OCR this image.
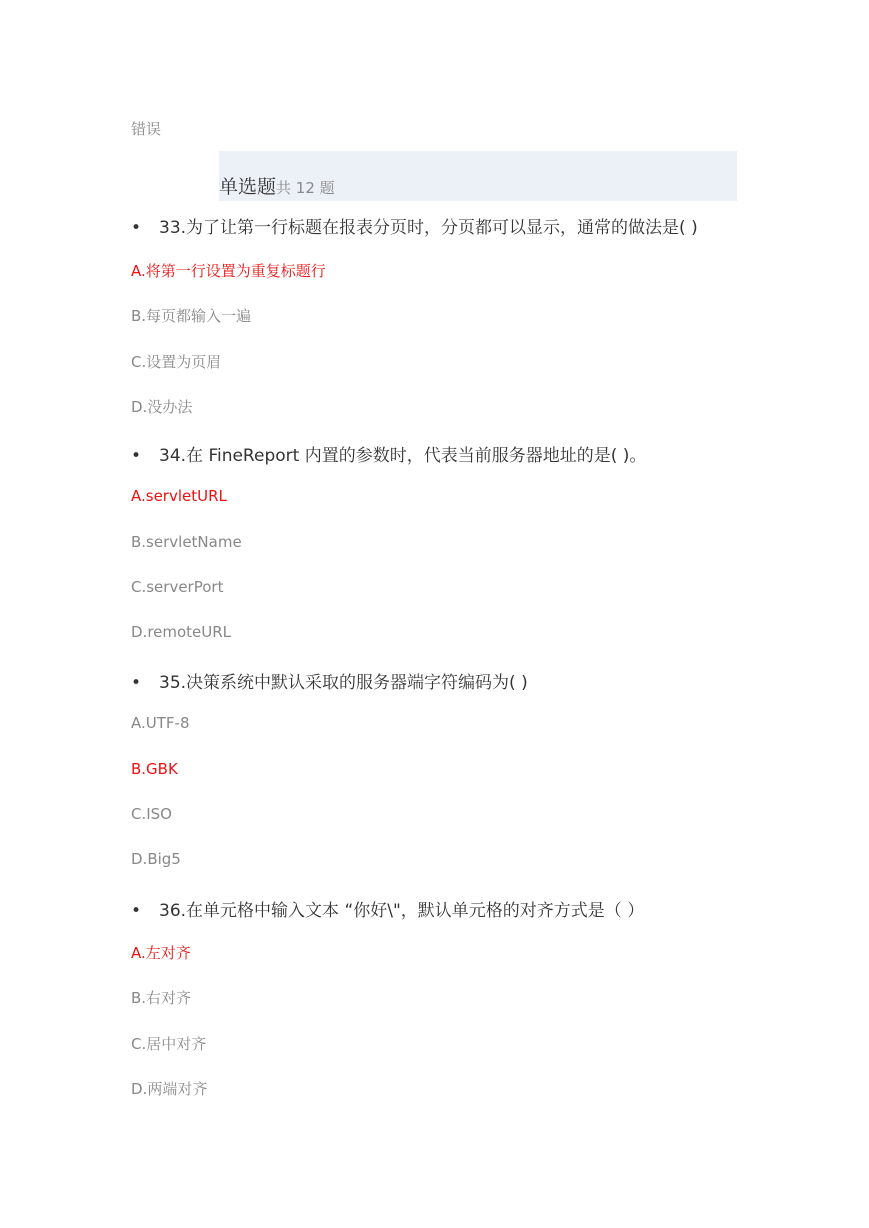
错误
单选题共 12 题
• 33.为了让第一行标题在报表分页时，分页都可以显示，通常的做法是( )
A.将第一行设置为重复标题行
B.每页都输入一遍
C.设置为页眉
D.没办法
• 34.在 FineReport 内置的参数时，代表当前服务器地址的是( )。
A.servletURL
B.servletName
C.serverPort
D.remoteURL
• 35.决策系统中默认采取的服务器端字符编码为( )
A.UTF-8
B.GBK
C.ISO
D.Big5
• 36.在单元格中输入文本 “你好\"，默认单元格的对齐方式是（ ）
A.左对齐
B.右对齐
C.居中对齐
D.两端对齐
